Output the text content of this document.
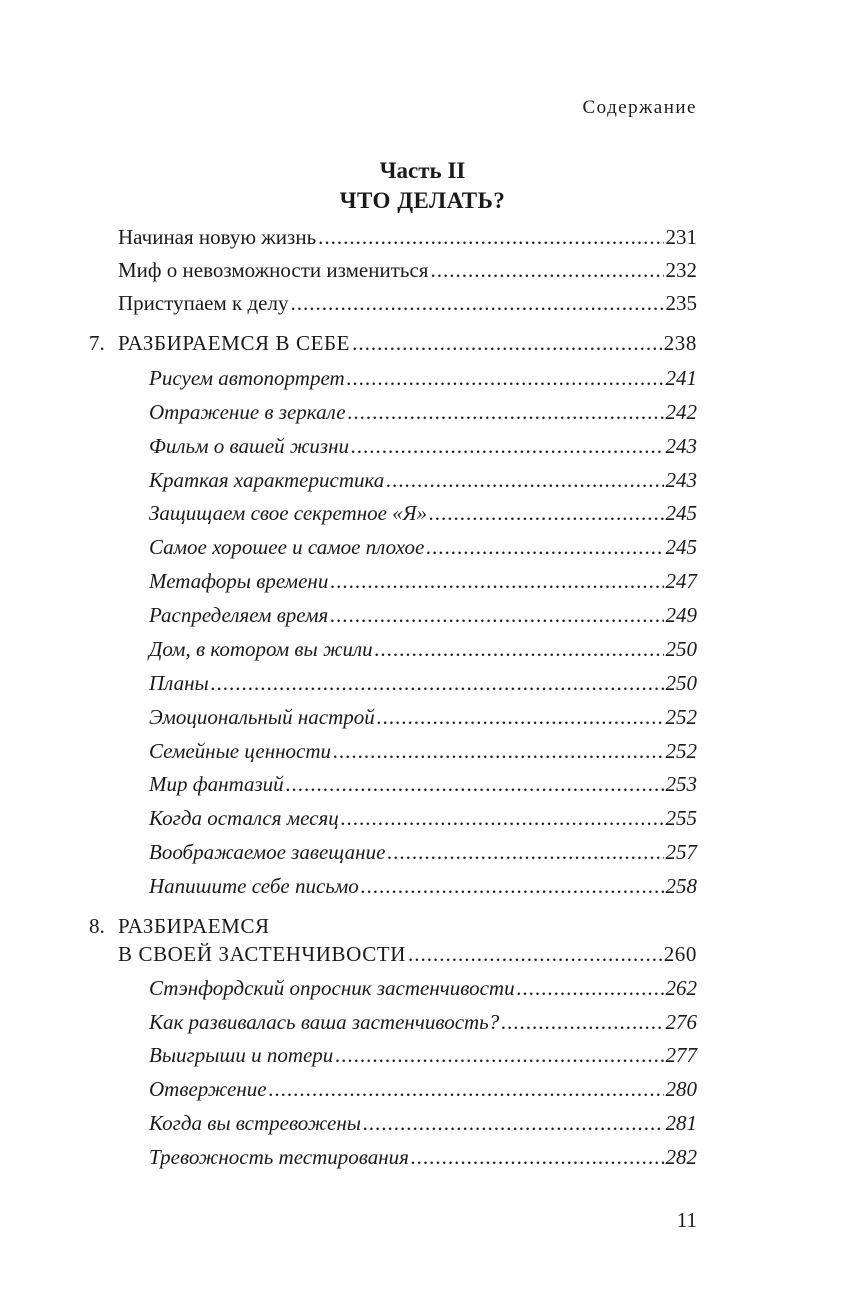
Содержание
Часть II
ЧТО ДЕЛАТЬ?
Начиная новую жизнь .....	231
Миф о невозможности измениться .....	232
Приступаем к делу .....	235
7. РАЗБИРАЕМСЯ В СЕБЕ .....	238
Рисуем автопортрет .....	241
Отражение в зеркале .....	242
Фильм о вашей жизни .....	243
Краткая характеристика .....	243
Защищаем свое секретное «Я» .....	245
Самое хорошее и самое плохое .....	245
Метафоры времени .....	247
Распределяем время .....	249
Дом, в котором вы жили .....	250
Планы .....	250
Эмоциональный настрой .....	252
Семейные ценности .....	252
Мир фантазий .....	253
Когда остался месяц .....	255
Воображаемое завещание .....	257
Напишите себе письмо .....	258
8. РАЗБИРАЕМСЯ
В СВОЕЙ ЗАСТЕНЧИВОСТИ .....	260
Стэнфордский опросник застенчивости .....	262
Как развивалась ваша застенчивость? .....	276
Выигрыши и потери .....	277
Отвержение .....	280
Когда вы встревожены .....	281
Тревожность тестирования .....	282
11
